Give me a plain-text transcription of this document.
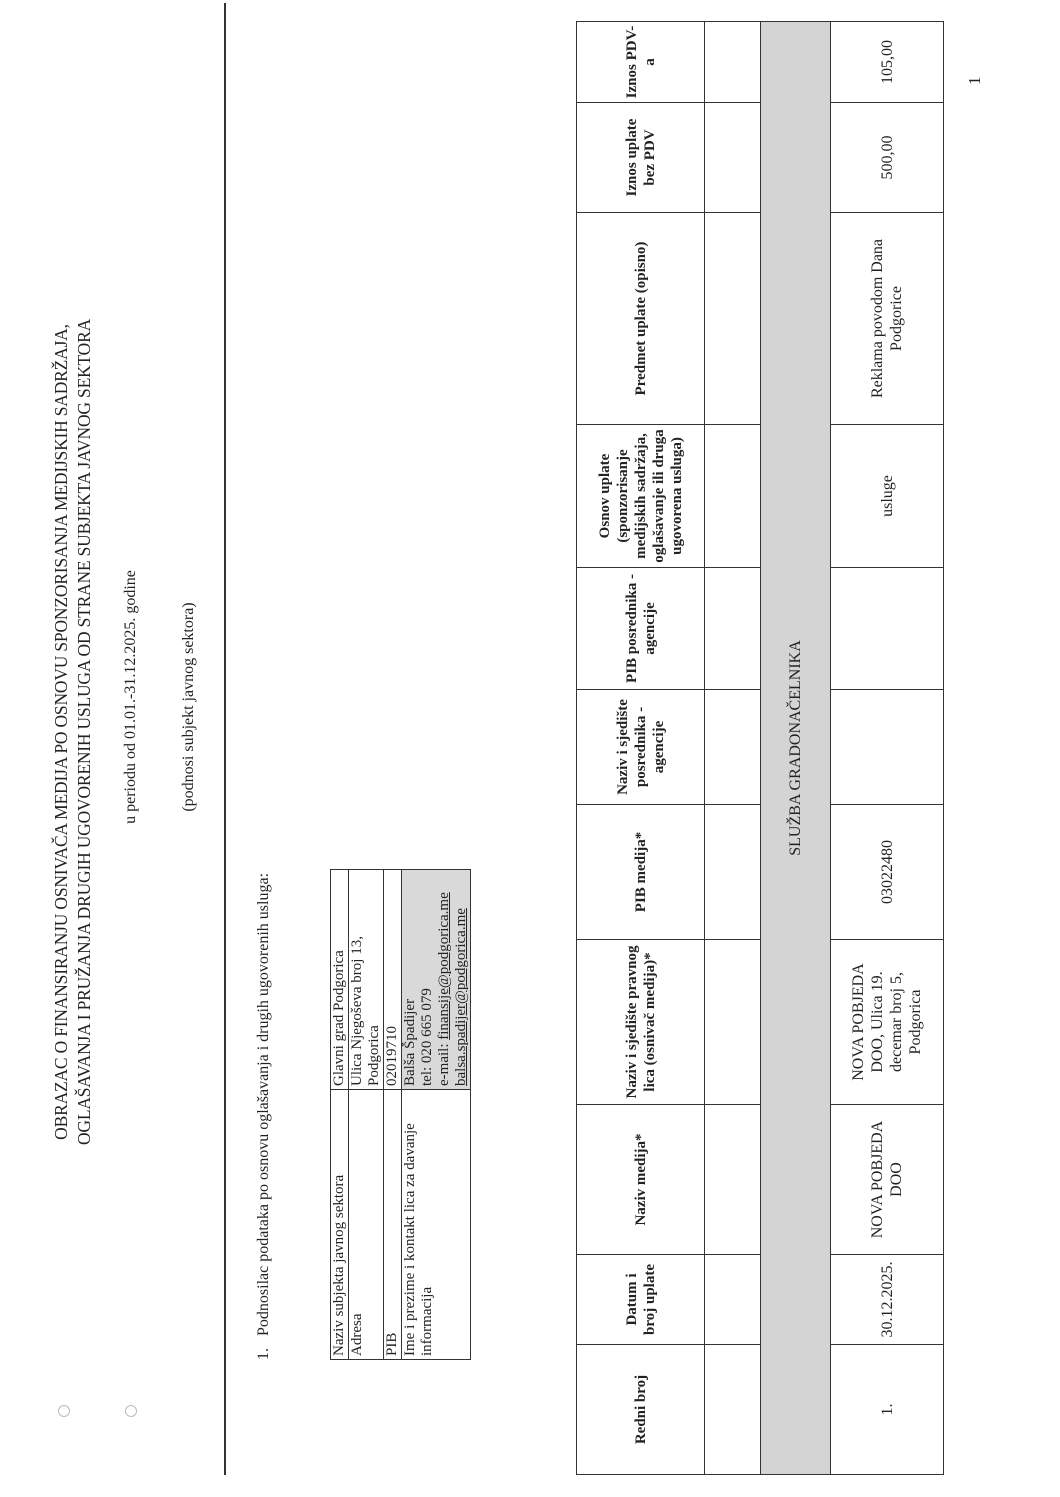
OBRAZAC O FINANSIRANJU OSNIVAČA MEDIJA PO OSNOVU SPONZORISANJA MEDIJSKIH SADRŽAJA, OGLAŠAVANJA I PRUŽANJA DRUGIH UGOVORENIH USLUGA OD STRANE SUBJEKTA JAVNOG SEKTORA u periodu od 01.01.-31.12.2025. godine	(podnosi subjekt javnog sektora)
1.   Podnosilac podataka po osnovu oglašavanja i drugih ugovorenih usluga:	Naziv subjekta javnog sektora	Glavni grad Podgorica
Adresa	Ulica Njegoševa broj 13, Podgorica
PIB	02019710
Ime i prezime i kontakt lica za davanje informacija	Balša Špadijer tel: 020 665 079 e-mail: finansije@podgorica.me balsa.spadijer@podgorica.me
Redni broj	Datum i broj uplate	Naziv medija*	Naziv i sjedište pravnog lica (osnivač medija)*	PIB medija*	Naziv i sjedište posrednika -agencije	PIB posrednika - agencije	Osnov uplate (sponzorisanje medijskih sadržaja, oglašavanje ili druga ugovorena usluga)	Predmet uplate (opisno)	Iznos uplate bez PDV	Iznos PDV-a

SLUŽBA GRADONAČELNIKA										
1.	30.12.2025.	NOVA POBJEDA DOO	NOVA POBJEDA DOO, Ulica 19. decemar broj 5, Podgorica	03022480			usluge	Reklama povodom Dana Podgorice	500,00	105,00	1
